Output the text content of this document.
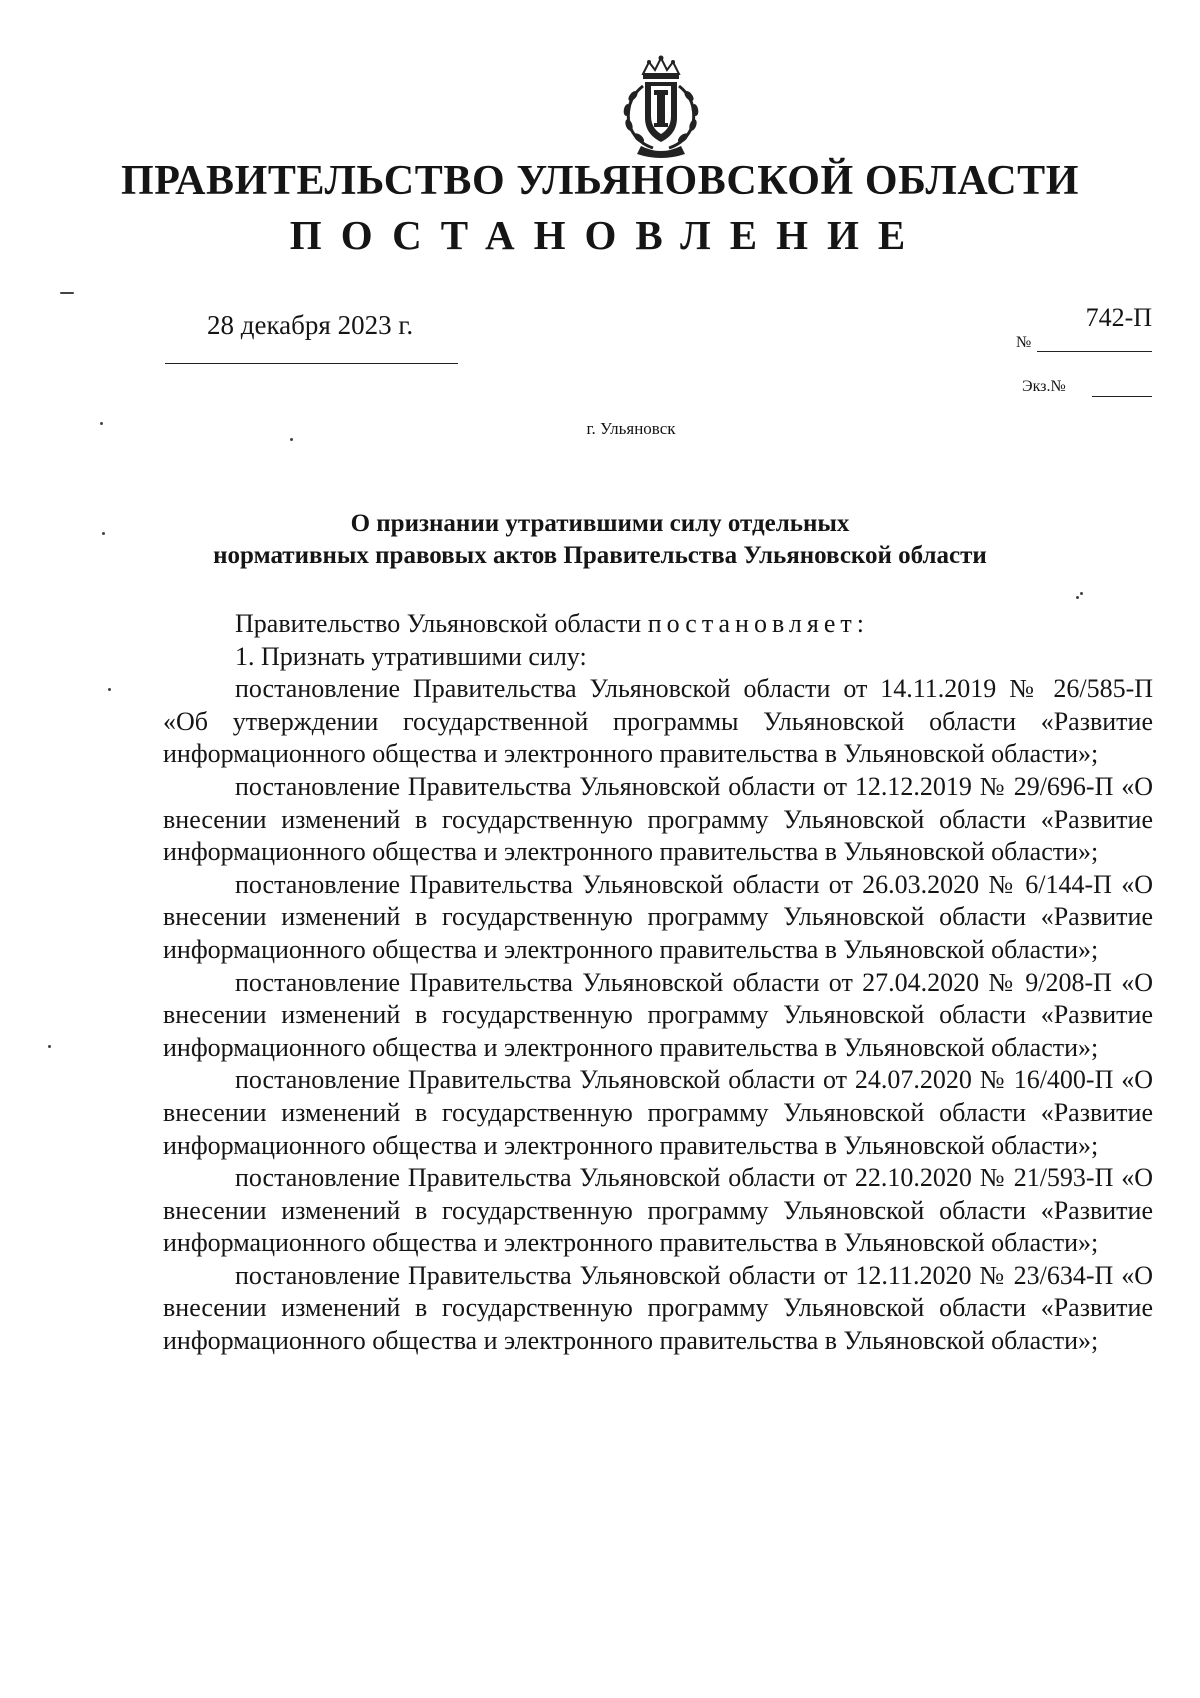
ПРАВИТЕЛЬСТВО УЛЬЯНОВСКОЙ ОБЛАСТИ
ПОСТАНОВЛЕНИЕ
28 декабря 2023 г.	742-П
№
Экз.№
г. Ульяновск

О признании утратившими силу отдельных

нормативных правовых актов Правительства Ульяновской области

Правительство Ульяновской области постановляет:

1. Признать утратившими силу:

постановление Правительства Ульяновской области от 14.11.2019 № 26/585-П «Об утверждении государственной программы Ульяновской области «Развитие информационного общества и электронного правительства в Ульяновской области»;

постановление Правительства Ульяновской области от 12.12.2019 № 29/696-П «О внесении изменений в государственную программу Ульяновской области «Развитие информационного общества и электронного правительства в Ульяновской области»;

постановление Правительства Ульяновской области от 26.03.2020 № 6/144-П «О внесении изменений в государственную программу Ульяновской области «Развитие информационного общества и электронного правительства в Ульяновской области»;

постановление Правительства Ульяновской области от 27.04.2020 № 9/208-П «О внесении изменений в государственную программу Ульяновской области «Развитие информационного общества и электронного правительства в Ульяновской области»;

постановление Правительства Ульяновской области от 24.07.2020 № 16/400-П «О внесении изменений в государственную программу Ульяновской области «Развитие информационного общества и электронного правительства в Ульяновской области»;

постановление Правительства Ульяновской области от 22.10.2020 № 21/593-П «О внесении изменений в государственную программу Ульяновской области «Развитие информационного общества и электронного правительства в Ульяновской области»;

постановление Правительства Ульяновской области от 12.11.2020 № 23/634-П «О внесении изменений в государственную программу Ульяновской области «Развитие информационного общества и электронного правительства в Ульяновской области»;
